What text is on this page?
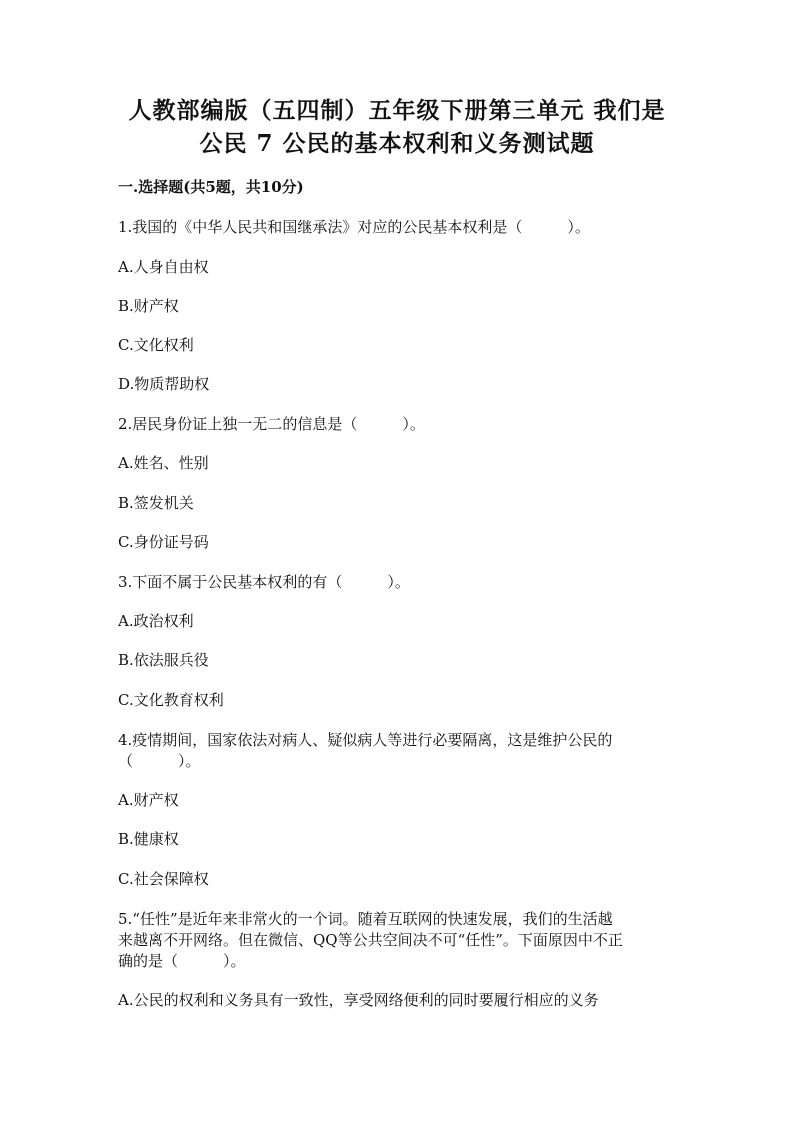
人教部编版（五四制）五年级下册第三单元 我们是
公民 7 公民的基本权利和义务测试题
一.选择题(共5题，共10分)
1.我国的《中华人民共和国继承法》对应的公民基本权利是（　　　）。
A.人身自由权
B.财产权
C.文化权利
D.物质帮助权
2.居民身份证上独一无二的信息是（　　　）。
A.姓名、性别
B.签发机关
C.身份证号码
3.下面不属于公民基本权利的有（　　　）。
A.政治权利
B.依法服兵役
C.文化教育权利
4.疫情期间，国家依法对病人、疑似病人等进行必要隔离，这是维护公民的
（　　　）。
A.财产权
B.健康权
C.社会保障权
5.“任性”是近年来非常火的一个词。随着互联网的快速发展，我们的生活越
来越离不开网络。但在微信、QQ等公共空间决不可“任性”。下面原因中不正
确的是（　　　）。
A.公民的权利和义务具有一致性，享受网络便利的同时要履行相应的义务
